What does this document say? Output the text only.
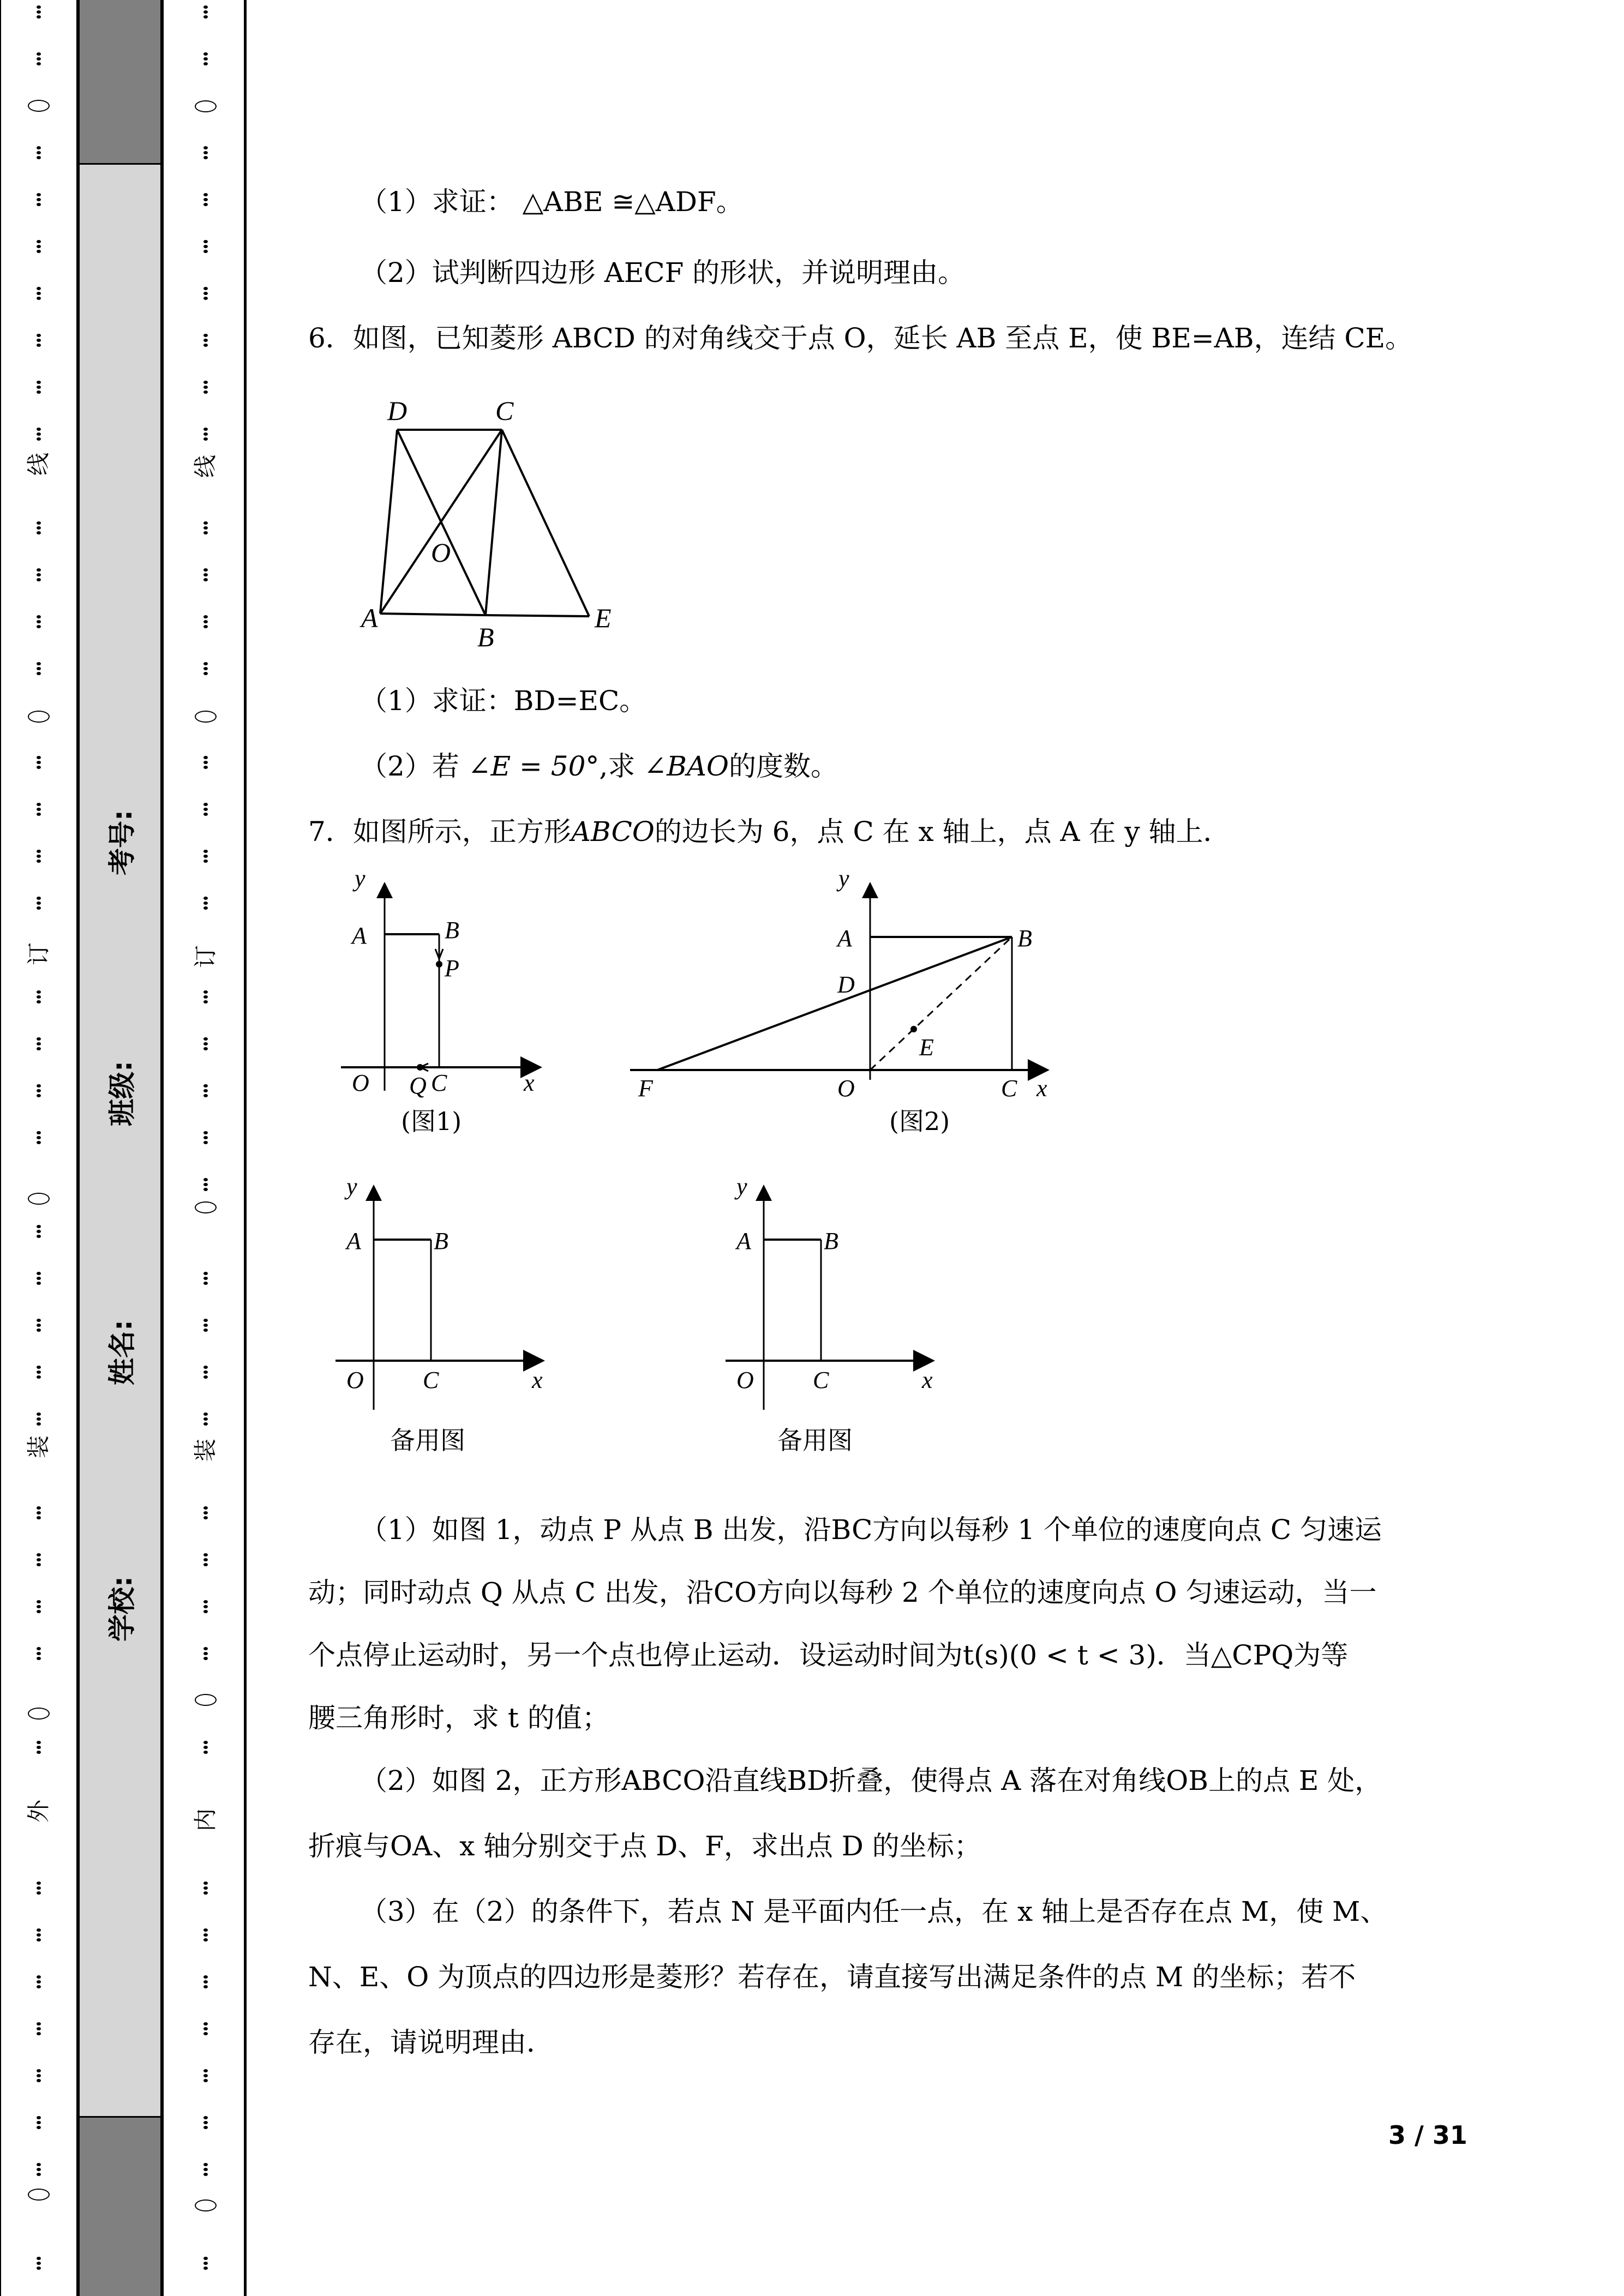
线
订
装
外
考号:
班级:
姓名:
学校:
线
订
装
内
（1）求证： △ABE ≅△ADF。
（2）试判断四边形 AECF 的形状，并说明理由。
6．如图，已知菱形 ABCD 的对角线交于点 O，延长 AB 至点 E，使 BE=AB，连结 CE。
D	C
O
A
B
E
（1）求证：BD=EC。
（2）若 ∠E = 50°,求 ∠BAO的度数。
7．如图所示，正方形ABCO的边长为 6，点 C 在 x 轴上，点 A 在 y 轴上．
y
A	B
P
O Q C	x
(图1)
y
A	B
D
E
F	O	C x
(图2)
y
A	B
O C	x
备用图
y
A	B
O C	x
备用图
（1）如图 1，动点 P 从点 B 出发，沿BC方向以每秒 1 个单位的速度向点 C 匀速运
动；同时动点 Q 从点 C 出发，沿CO方向以每秒 2 个单位的速度向点 O 匀速运动，当一
个点停止运动时，另一个点也停止运动．设运动时间为t(s)(0 < t < 3)．当△CPQ为等
腰三角形时，求 t 的值；
（2）如图 2，正方形ABCO沿直线BD折叠，使得点 A 落在对角线OB上的点 E 处，
折痕与OA、x 轴分别交于点 D、F，求出点 D 的坐标；
（3）在（2）的条件下，若点 N 是平面内任一点，在 x 轴上是否存在点 M，使 M、
N、E、O 为顶点的四边形是菱形？若存在，请直接写出满足条件的点 M 的坐标；若不
存在，请说明理由．
3 / 31
